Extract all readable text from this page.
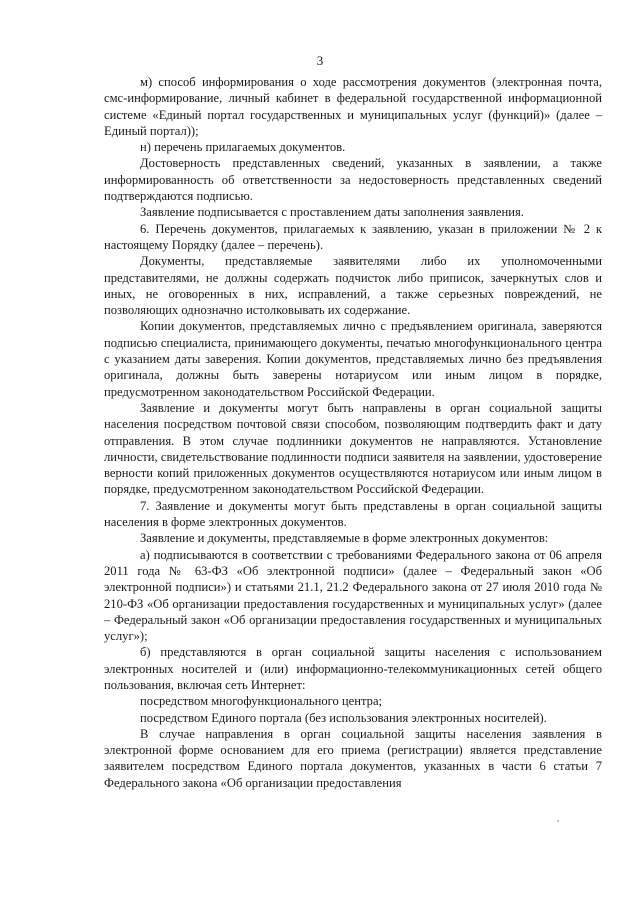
3

м) способ информирования о ходе рассмотрения документов (электронная почта, смс-информирование, личный кабинет в федеральной государственной информационной системе «Единый портал государственных и муниципальных услуг (функций)» (далее – Единый портал));

н) перечень прилагаемых документов.

Достоверность представленных сведений, указанных в заявлении, а также информированность об ответственности за недостоверность представленных сведений подтверждаются подписью.

Заявление подписывается с проставлением даты заполнения заявления.

6. Перечень документов, прилагаемых к заявлению, указан в приложении № 2 к настоящему Порядку (далее – перечень).

Документы, представляемые заявителями либо их уполномоченными представителями, не должны содержать подчисток либо приписок, зачеркнутых слов и иных, не оговоренных в них, исправлений, а также серьезных повреждений, не позволяющих однозначно истолковывать их содержание.

Копии документов, представляемых лично с предъявлением оригинала, заверяются подписью специалиста, принимающего документы, печатью многофункционального центра с указанием даты заверения. Копии документов, представляемых лично без предъявления оригинала, должны быть заверены нотариусом или иным лицом в порядке, предусмотренном законодательством Российской Федерации.

Заявление и документы могут быть направлены в орган социальной защиты населения посредством почтовой связи способом, позволяющим подтвердить факт и дату отправления. В этом случае подлинники документов не направляются. Установление личности, свидетельствование подлинности подписи заявителя на заявлении, удостоверение верности копий приложенных документов осуществляются нотариусом или иным лицом в порядке, предусмотренном законодательством Российской Федерации.

7. Заявление и документы могут быть представлены в орган социальной защиты населения в форме электронных документов.

Заявление и документы, представляемые в форме электронных документов:

а) подписываются в соответствии с требованиями Федерального закона от 06 апреля 2011 года № 63-ФЗ «Об электронной подписи» (далее – Федеральный закон «Об электронной подписи») и статьями 21.1, 21.2 Федерального закона от 27 июля 2010 года № 210-ФЗ «Об организации предоставления государственных и муниципальных услуг» (далее – Федеральный закон «Об организации предоставления государственных и муниципальных услуг»);

б) представляются в орган социальной защиты населения с использованием электронных носителей и (или) информационно-телекоммуникационных сетей общего пользования, включая сеть Интернет:

посредством многофункционального центра;

посредством Единого портала (без использования электронных носителей).

В случае направления в орган социальной защиты населения заявления в электронной форме основанием для его приема (регистрации) является представление заявителем посредством Единого портала документов, указанных в части 6 статьи 7 Федерального закона «Об организации предоставления
